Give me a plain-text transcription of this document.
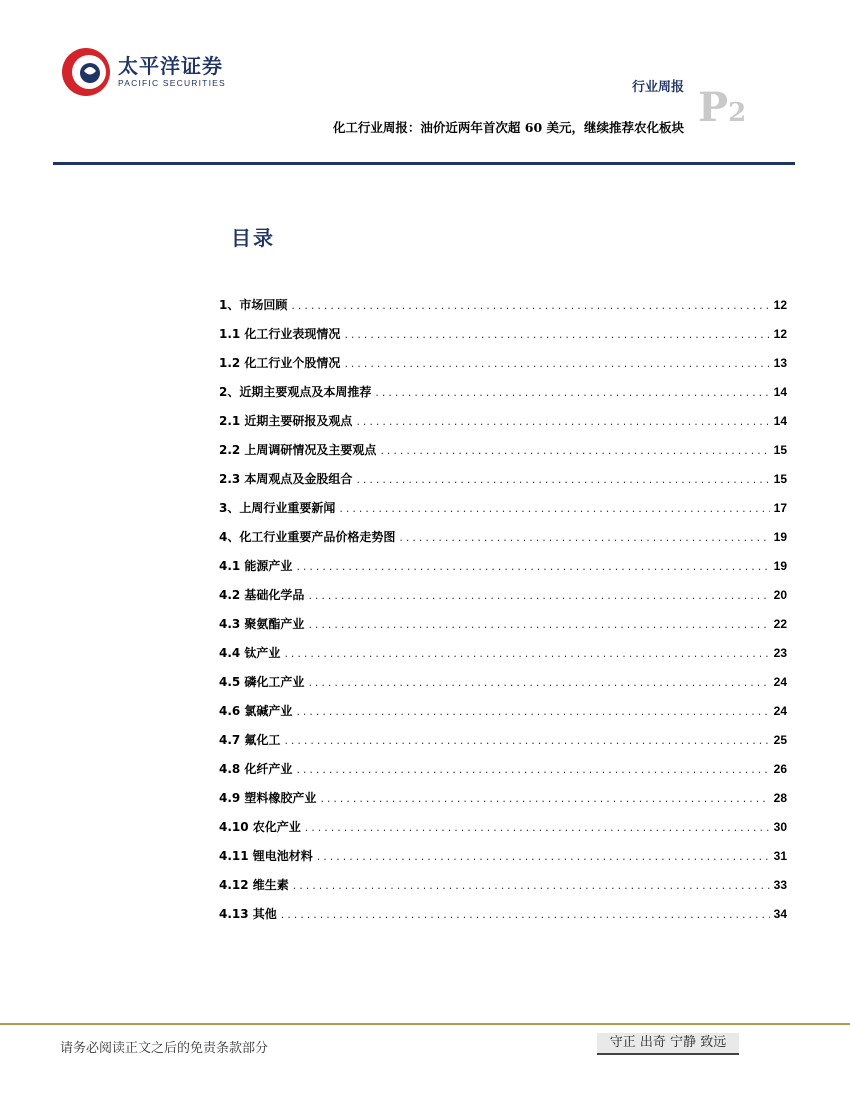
太平洋证券
PACIFIC SECURITIES	行业周报 P2
化工行业周报：油价近两年首次超 60 美元，继续推荐农化板块
目录
1、市场回顾 .....	12
1.1 化工行业表现情况 .....	12
1.2 化工行业个股情况 .....	13
2、近期主要观点及本周推荐 .....	14
2.1 近期主要研报及观点 .....	14
2.2 上周调研情况及主要观点 .....	15
2.3 本周观点及金股组合 .....	15
3、上周行业重要新闻 .....	17
4、化工行业重要产品价格走势图 .....	19
4.1 能源产业 .....	19
4.2 基础化学品 .....	20
4.3 聚氨酯产业 .....	22
4.4 钛产业 .....	23
4.5 磷化工产业 .....	24
4.6 氯碱产业 .....	24
4.7 氟化工 .....	25
4.8 化纤产业 .....	26
4.9 塑料橡胶产业 .....	28
4.10 农化产业 .....	30
4.11 锂电池材料 .....	31
4.12 维生素 .....	33
4.13 其他 .....	34
请务必阅读正文之后的免责条款部分	守正 出奇 宁静 致远
